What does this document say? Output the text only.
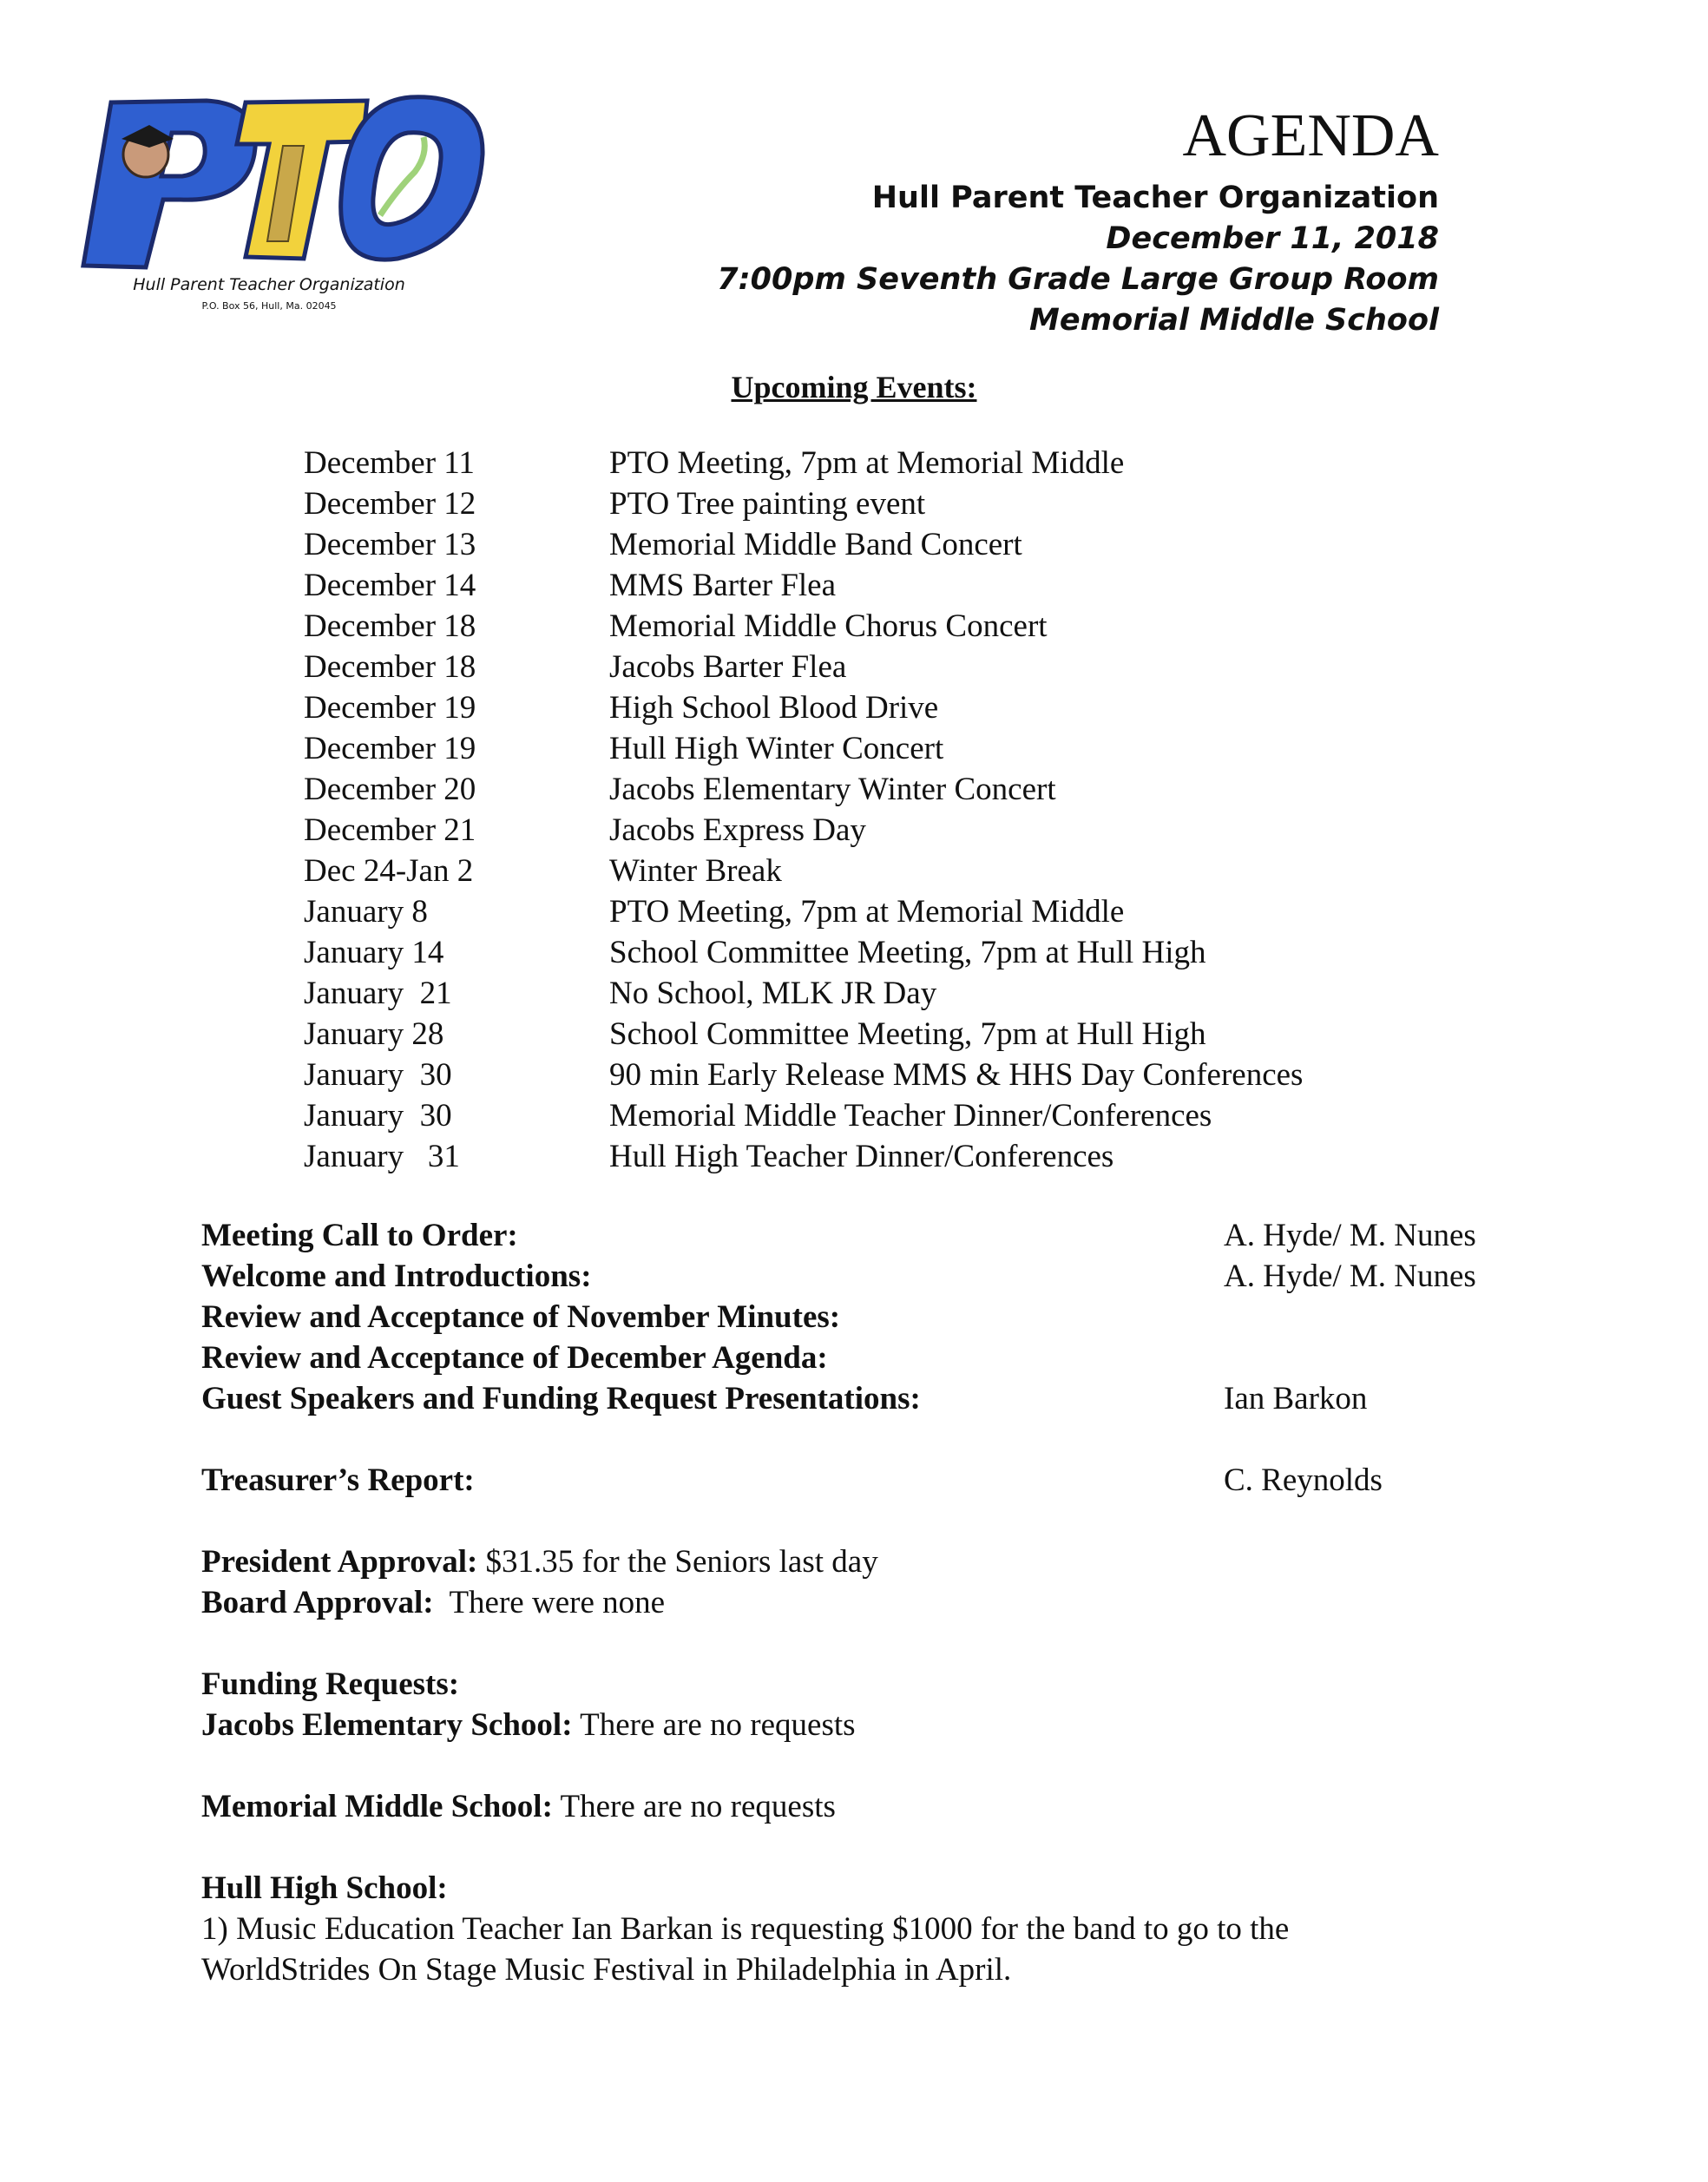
Hull Parent Teacher Organization
P.O. Box 56, Hull, Ma. 02045
AGENDA
Hull Parent Teacher Organization
December 11, 2018
7:00pm Seventh Grade Large Group Room
Memorial Middle School
Upcoming Events:
December 11	PTO Meeting, 7pm at Memorial Middle
December 12	PTO Tree painting event
December 13	Memorial Middle Band Concert
December 14	MMS Barter Flea
December 18	Memorial Middle Chorus Concert
December 18	Jacobs Barter Flea
December 19	High School Blood Drive
December 19	Hull High Winter Concert
December 20	Jacobs Elementary Winter Concert
December 21	Jacobs Express Day
Dec 24-Jan 2	Winter Break
January 8	PTO Meeting, 7pm at Memorial Middle
January 14	School Committee Meeting, 7pm at Hull High
January  21	No School, MLK JR Day
January 28	School Committee Meeting, 7pm at Hull High
January  30	90 min Early Release MMS & HHS Day Conferences
January  30	Memorial Middle Teacher Dinner/Conferences
January   31	Hull High Teacher Dinner/Conferences
Meeting Call to Order:	A. Hyde/ M. Nunes
Welcome and Introductions:	A. Hyde/ M. Nunes
Review and Acceptance of November Minutes:
Review and Acceptance of December Agenda:
Guest Speakers and Funding Request Presentations:	Ian Barkon
Treasurer’s Report:	C. Reynolds
President Approval: $31.35 for the Seniors last day
Board Approval:  There were none
Funding Requests:
Jacobs Elementary School: There are no requests
Memorial Middle School: There are no requests
Hull High School:
1) Music Education Teacher Ian Barkan is requesting $1000 for the band to go to the WorldStrides On Stage Music Festival in Philadelphia in April.
